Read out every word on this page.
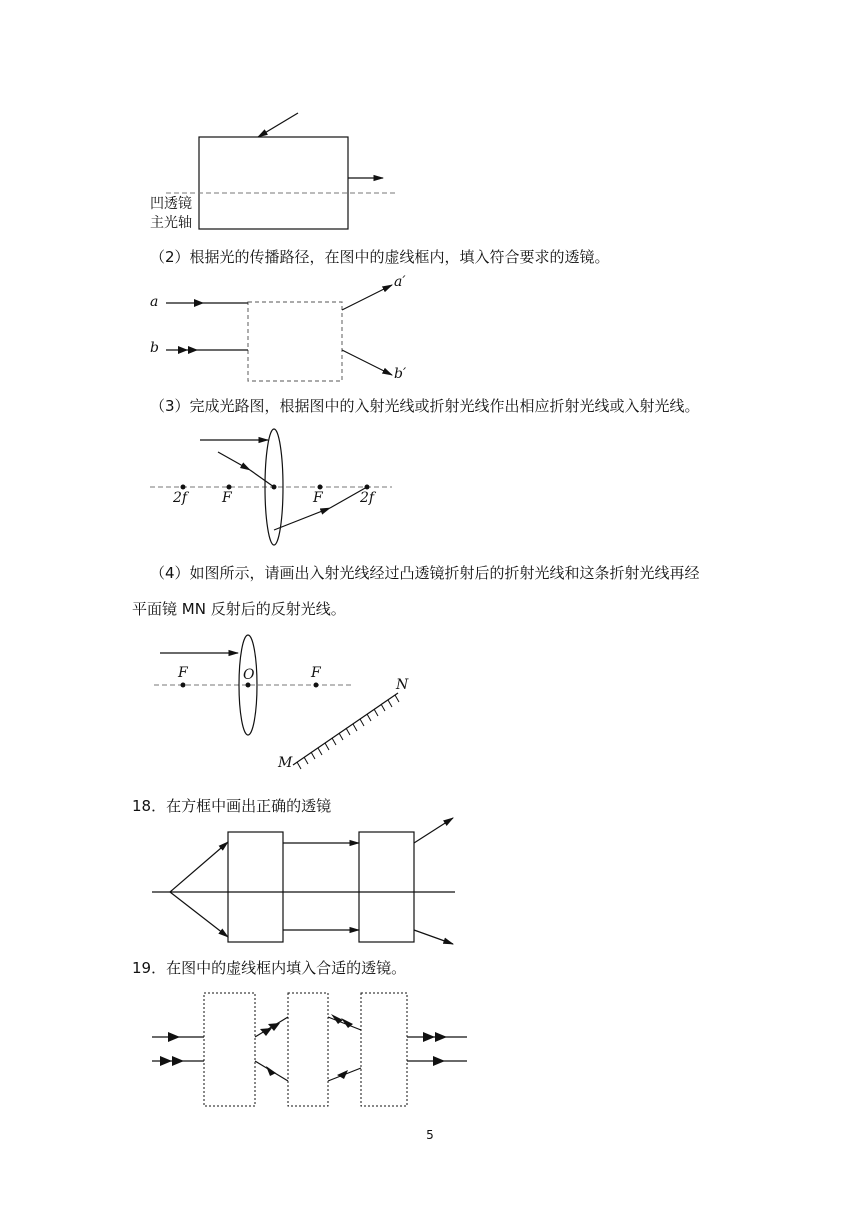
凹透镜
主光轴
（2）根据光的传播路径，在图中的虚线框内，填入符合要求的透镜。
a
b
a′
b′
（3）完成光路图，根据图中的入射光线或折射光线作出相应折射光线或入射光线。
2f F	F	2f
（4）如图所示，请画出入射光线经过凸透镜折射后的折射光线和这条折射光线再经
平面镜 MN 反射后的反射光线。
F	O	F
N
M
18．在方框中画出正确的透镜
19．在图中的虚线框内填入合适的透镜。
5
